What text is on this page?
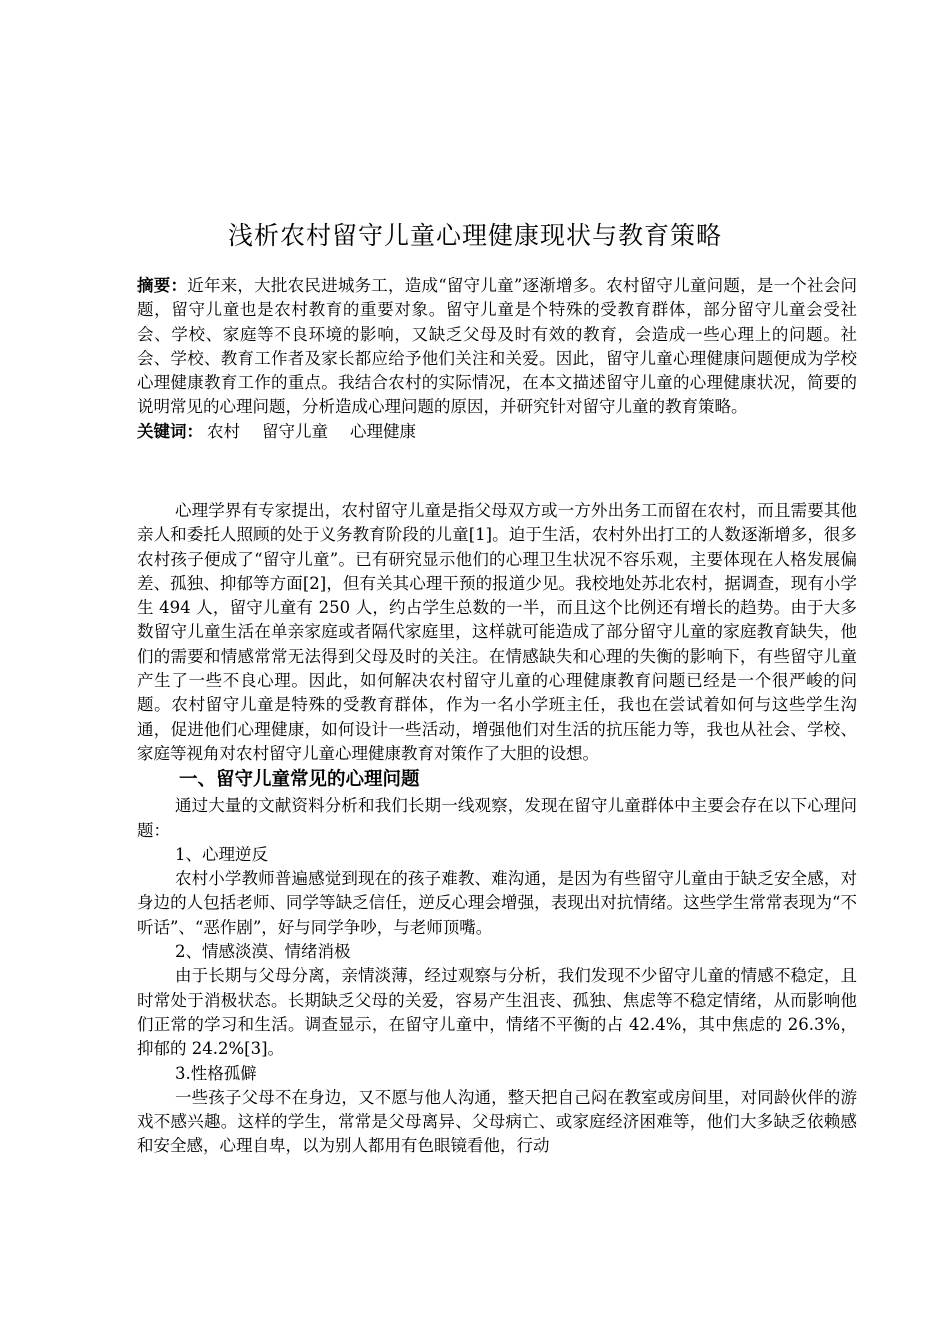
浅析农村留守儿童心理健康现状与教育策略

摘要：近年来，大批农民进城务工，造成“留守儿童”逐渐增多。农村留守儿童问题，是一个社会问题，留守儿童也是农村教育的重要对象。留守儿童是个特殊的受教育群体，部分留守儿童会受社会、学校、家庭等不良环境的影响，又缺乏父母及时有效的教育，会造成一些心理上的问题。社会、学校、教育工作者及家长都应给予他们关注和关爱。因此，留守儿童心理健康问题便成为学校心理健康教育工作的重点。我结合农村的实际情况，在本文描述留守儿童的心理健康状况，简要的说明常见的心理问题，分析造成心理问题的原因，并研究针对留守儿童的教育策略。

关键词： 农村 留守儿童 心理健康

心理学界有专家提出，农村留守儿童是指父母双方或一方外出务工而留在农村，而且需要其他亲人和委托人照顾的处于义务教育阶段的儿童[1]。迫于生活，农村外出打工的人数逐渐增多，很多农村孩子便成了“留守儿童”。已有研究显示他们的心理卫生状况不容乐观，主要体现在人格发展偏差、孤独、抑郁等方面[2]，但有关其心理干预的报道少见。我校地处苏北农村，据调查，现有小学生 494 人，留守儿童有 250 人，约占学生总数的一半，而且这个比例还有增长的趋势。由于大多数留守儿童生活在单亲家庭或者隔代家庭里，这样就可能造成了部分留守儿童的家庭教育缺失，他们的需要和情感常常无法得到父母及时的关注。在情感缺失和心理的失衡的影响下，有些留守儿童产生了一些不良心理。因此，如何解决农村留守儿童的心理健康教育问题已经是一个很严峻的问题。农村留守儿童是特殊的受教育群体，作为一名小学班主任，我也在尝试着如何与这些学生沟通，促进他们心理健康，如何设计一些活动，增强他们对生活的抗压能力等，我也从社会、学校、家庭等视角对农村留守儿童心理健康教育对策作了大胆的设想。

一、留守儿童常见的心理问题

通过大量的文献资料分析和我们长期一线观察，发现在留守儿童群体中主要会存在以下心理问题：

1、心理逆反

农村小学教师普遍感觉到现在的孩子难教、难沟通，是因为有些留守儿童由于缺乏安全感，对身边的人包括老师、同学等缺乏信任，逆反心理会增强，表现出对抗情绪。这些学生常常表现为“不听话”、“恶作剧”，好与同学争吵，与老师顶嘴。

2、情感淡漠、情绪消极

由于长期与父母分离，亲情淡薄，经过观察与分析，我们发现不少留守儿童的情感不稳定，且时常处于消极状态。长期缺乏父母的关爱，容易产生沮丧、孤独、焦虑等不稳定情绪，从而影响他们正常的学习和生活。调查显示，在留守儿童中，情绪不平衡的占 42.4%，其中焦虑的 26.3%，抑郁的 24.2%[3]。

3.性格孤僻

一些孩子父母不在身边，又不愿与他人沟通，整天把自己闷在教室或房间里，对同龄伙伴的游戏不感兴趣。这样的学生，常常是父母离异、父母病亡、或家庭经济困难等，他们大多缺乏依赖感和安全感，心理自卑，以为别人都用有色眼镜看他，行动
